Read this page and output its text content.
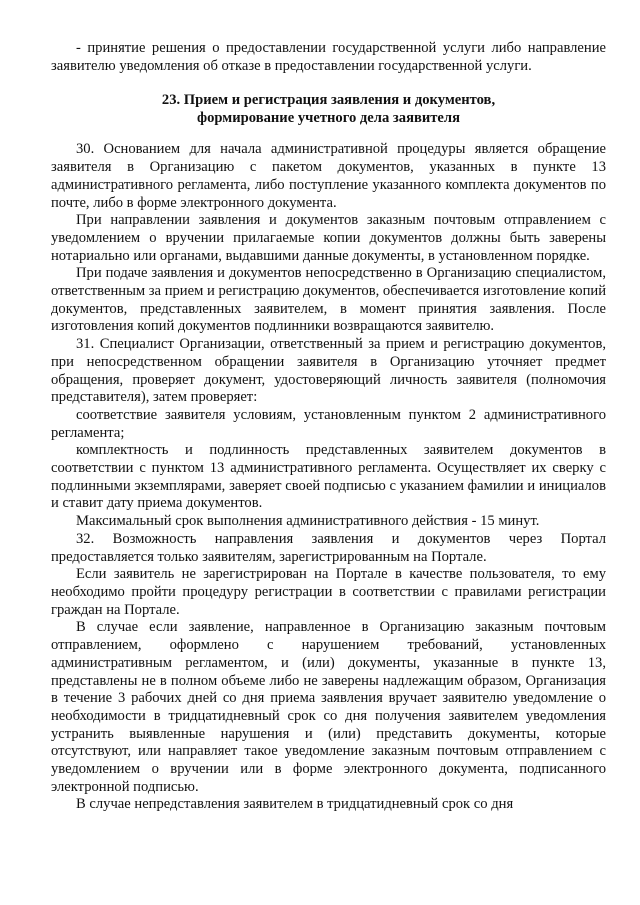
- принятие решения о предоставлении государственной услуги либо направление заявителю уведомления об отказе в предоставлении государственной услуги.

23. Прием и регистрация заявления и документов,
формирование учетного дела заявителя

30. Основанием для начала административной процедуры является обращение заявителя в Организацию с пакетом документов, указанных в пункте 13 административного регламента, либо поступление указанного комплекта документов по почте, либо в форме электронного документа.

При направлении заявления и документов заказным почтовым отправлением с уведомлением о вручении прилагаемые копии документов должны быть заверены нотариально или органами, выдавшими данные документы, в установленном порядке.

При подаче заявления и документов непосредственно в Организацию специалистом, ответственным за прием и регистрацию документов, обеспечивается изготовление копий документов, представленных заявителем, в момент принятия заявления. После изготовления копий документов подлинники возвращаются заявителю.

31. Специалист Организации, ответственный за прием и регистрацию документов, при непосредственном обращении заявителя в Организацию уточняет предмет обращения, проверяет документ, удостоверяющий личность заявителя (полномочия представителя), затем проверяет:

соответствие заявителя условиям, установленным пунктом 2 административного регламента;

комплектность и подлинность представленных заявителем документов в соответствии с пунктом 13 административного регламента. Осуществляет их сверку с подлинными экземплярами, заверяет своей подписью с указанием фамилии и инициалов и ставит дату приема документов.

Максимальный срок выполнения административного действия - 15 минут.

32. Возможность направления заявления и документов через Портал предоставляется только заявителям, зарегистрированным на Портале.

Если заявитель не зарегистрирован на Портале в качестве пользователя, то ему необходимо пройти процедуру регистрации в соответствии с правилами регистрации граждан на Портале.

В случае если заявление, направленное в Организацию заказным почтовым отправлением, оформлено с нарушением требований, установленных административным регламентом, и (или) документы, указанные в пункте 13, представлены не в полном объеме либо не заверены надлежащим образом, Организация в течение 3 рабочих дней со дня приема заявления вручает заявителю уведомление о необходимости в тридцатидневный срок со дня получения заявителем уведомления устранить выявленные нарушения и (или) представить документы, которые отсутствуют, или направляет такое уведомление заказным почтовым отправлением с уведомлением о вручении или в форме электронного документа, подписанного электронной подписью.

В случае непредставления заявителем в тридцатидневный срок со дня
